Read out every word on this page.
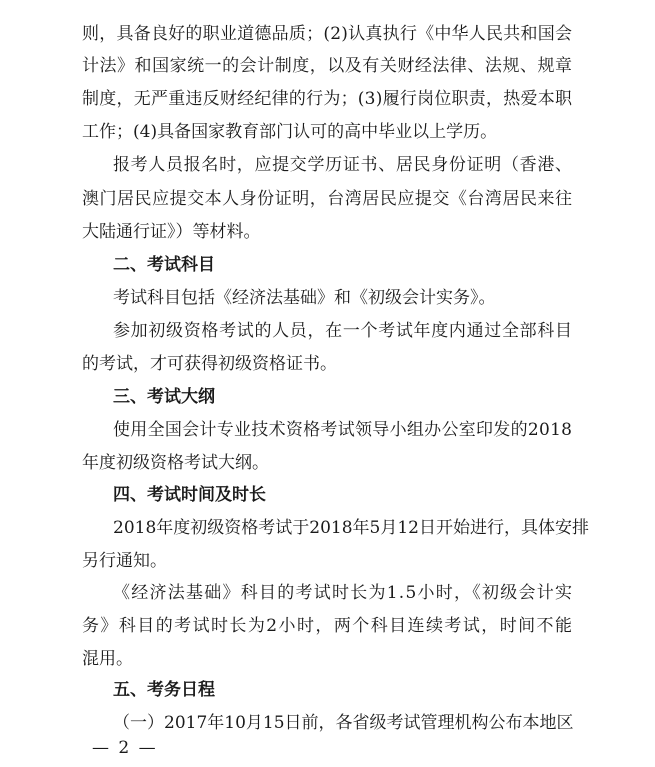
则，具备良好的职业道德品质；(2)认真执行《中华人民共和国会
计法》和国家统一的会计制度，以及有关财经法律、法规、规章
制度，无严重违反财经纪律的行为；(3)履行岗位职责，热爱本职
工作；(4)具备国家教育部门认可的高中毕业以上学历。
报考人员报名时，应提交学历证书、居民身份证明（香港、
澳门居民应提交本人身份证明，台湾居民应提交《台湾居民来往
大陆通行证》）等材料。
二、考试科目
考试科目包括《经济法基础》和《初级会计实务》。
参加初级资格考试的人员，在一个考试年度内通过全部科目
的考试，才可获得初级资格证书。
三、考试大纲
使用全国会计专业技术资格考试领导小组办公室印发的2018
年度初级资格考试大纲。
四、考试时间及时长
2018年度初级资格考试于2018年5月12日开始进行，具体安排
另行通知。
《经济法基础》科目的考试时长为1.5小时，《初级会计实
务》科目的考试时长为2小时，两个科目连续考试，时间不能
混用。
五、考务日程
（一）2017年10月15日前，各省级考试管理机构公布本地区
— 2 —
